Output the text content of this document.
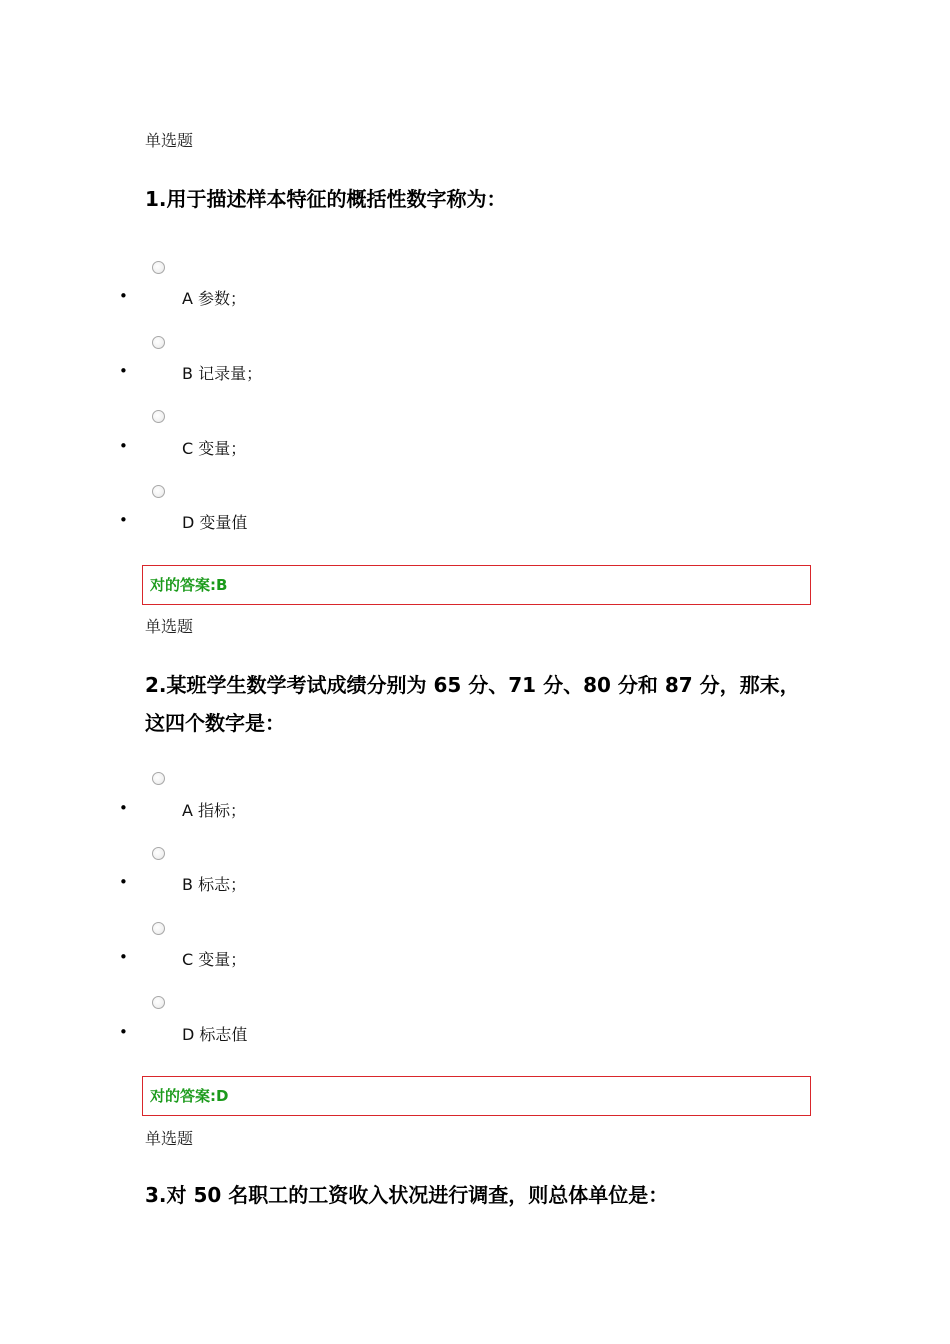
单选题
1.用于描述样本特征的概括性数字称为：
•	A 参数；
•	B 记录量；
•	C 变量；
•	D 变量值
对的答案:B
单选题
2.某班学生数学考试成绩分别为 65 分、71 分、80 分和 87 分，那末，这四个数字是：
•	A 指标；
•	B 标志；
•	C 变量；
•	D 标志值
对的答案:D
单选题
3.对 50 名职工的工资收入状况进行调查，则总体单位是：
